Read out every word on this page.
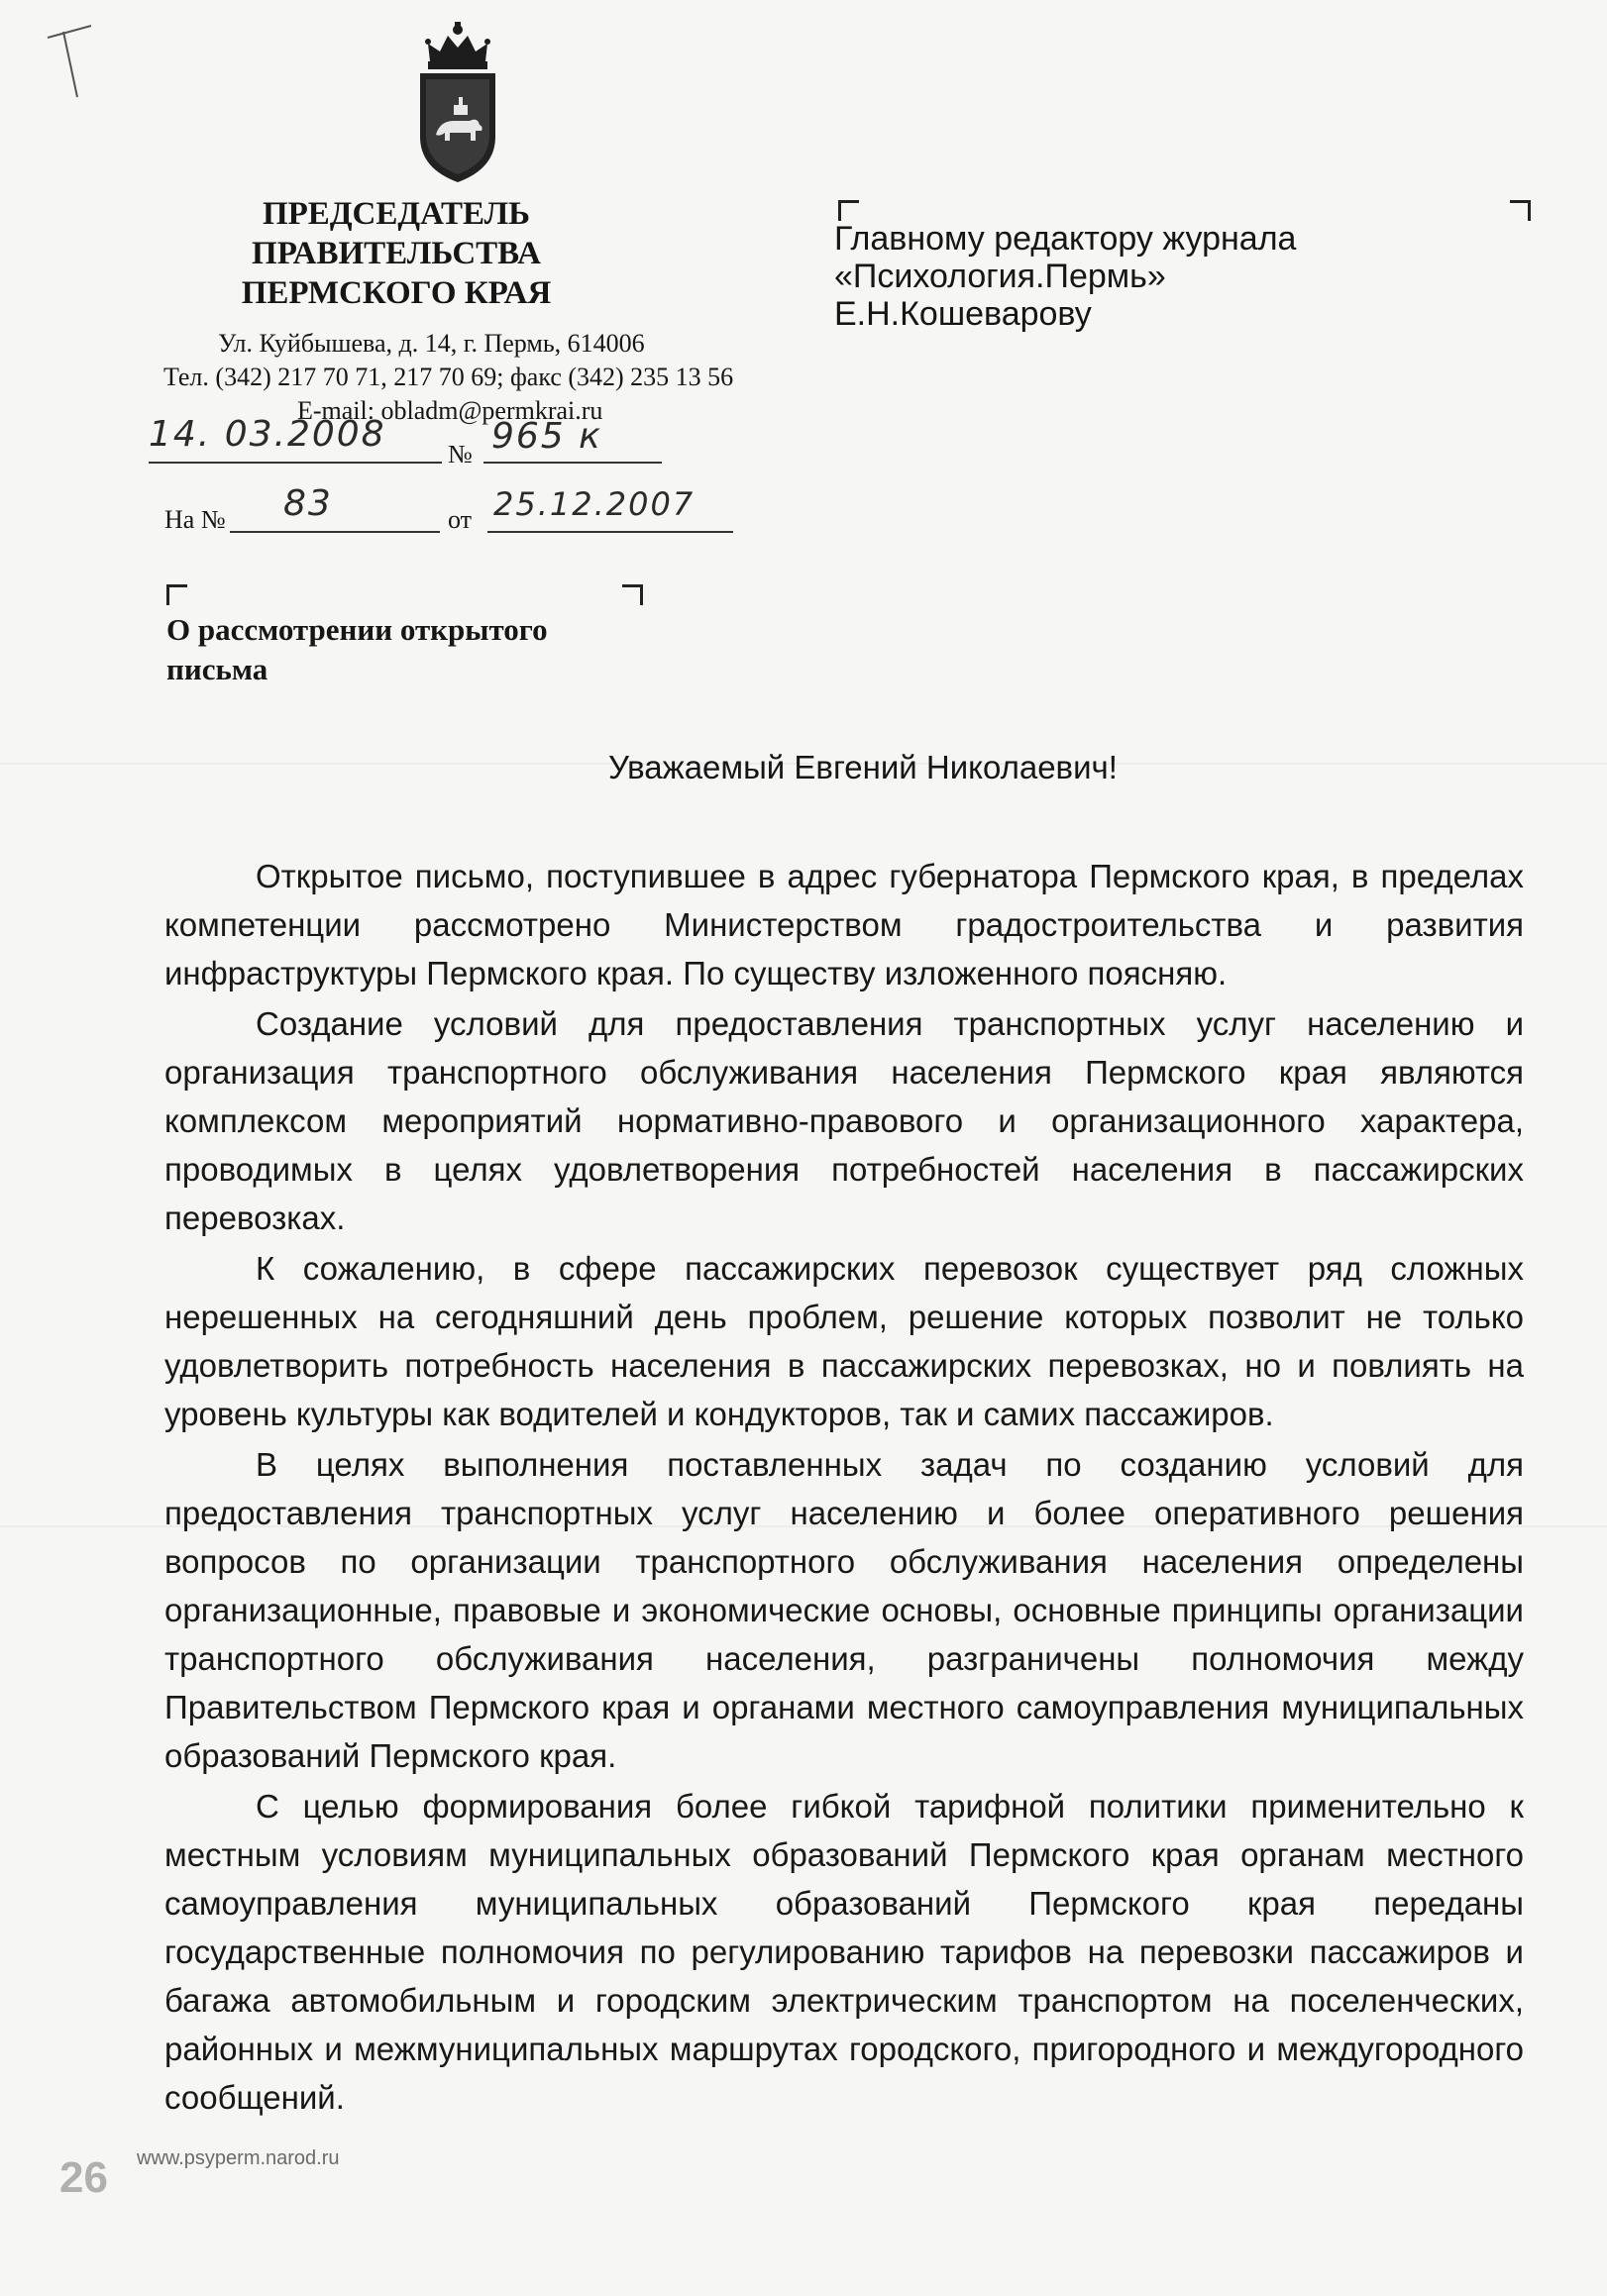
ПРЕДСЕДАТЕЛЬ ПРАВИТЕЛЬСТВА
ПЕРМСКОГО КРАЯ
Ул. Куйбышева, д. 14, г. Пермь, 614006
Тел. (342) 217 70 71, 217 70 69; факс (342) 235 13 56
E-mail: obladm@permkrai.ru
Главному редактору журнала
«Психология.Пермь»
Е.Н.Кошеварову
14. 03.2008 № 965 к
На № 83	от 25.12.2007
О рассмотрении открытого
письма
Уважаемый Евгений Николаевич!

Открытое письмо, поступившее в адрес губернатора Пермского края, в пределах компетенции рассмотрено Министерством градостроительства и развития инфраструктуры Пермского края. По существу изложенного поясняю.

Создание условий для предоставления транспортных услуг населению и организация транспортного обслуживания населения Пермского края являются комплексом мероприятий нормативно-правового и организационного характера, проводимых в целях удовлетворения потребностей населения в пассажирских перевозках.

К сожалению, в сфере пассажирских перевозок существует ряд сложных нерешенных на сегодняшний день проблем, решение которых позволит не только удовлетворить потребность населения в пассажирских перевозках, но и повлиять на уровень культуры как водителей и кондукторов, так и самих пассажиров.

В целях выполнения поставленных задач по созданию условий для предоставления транспортных услуг населению и более оперативного решения вопросов по организации транспортного обслуживания населения определены организационные, правовые и экономические основы, основные принципы организации транспортного обслуживания населения, разграничены полномочия между Правительством Пермского края и органами местного самоуправления муниципальных образований Пермского края.

С целью формирования более гибкой тарифной политики применительно к местным условиям муниципальных образований Пермского края органам местного самоуправления муниципальных образований Пермского края переданы государственные полномочия по регулированию тарифов на перевозки пассажиров и багажа автомобильным и городским электрическим транспортом на поселенческих, районных и межмуниципальных маршрутах городского, пригородного и междугородного сообщений.

26 www.psyperm.narod.ru
